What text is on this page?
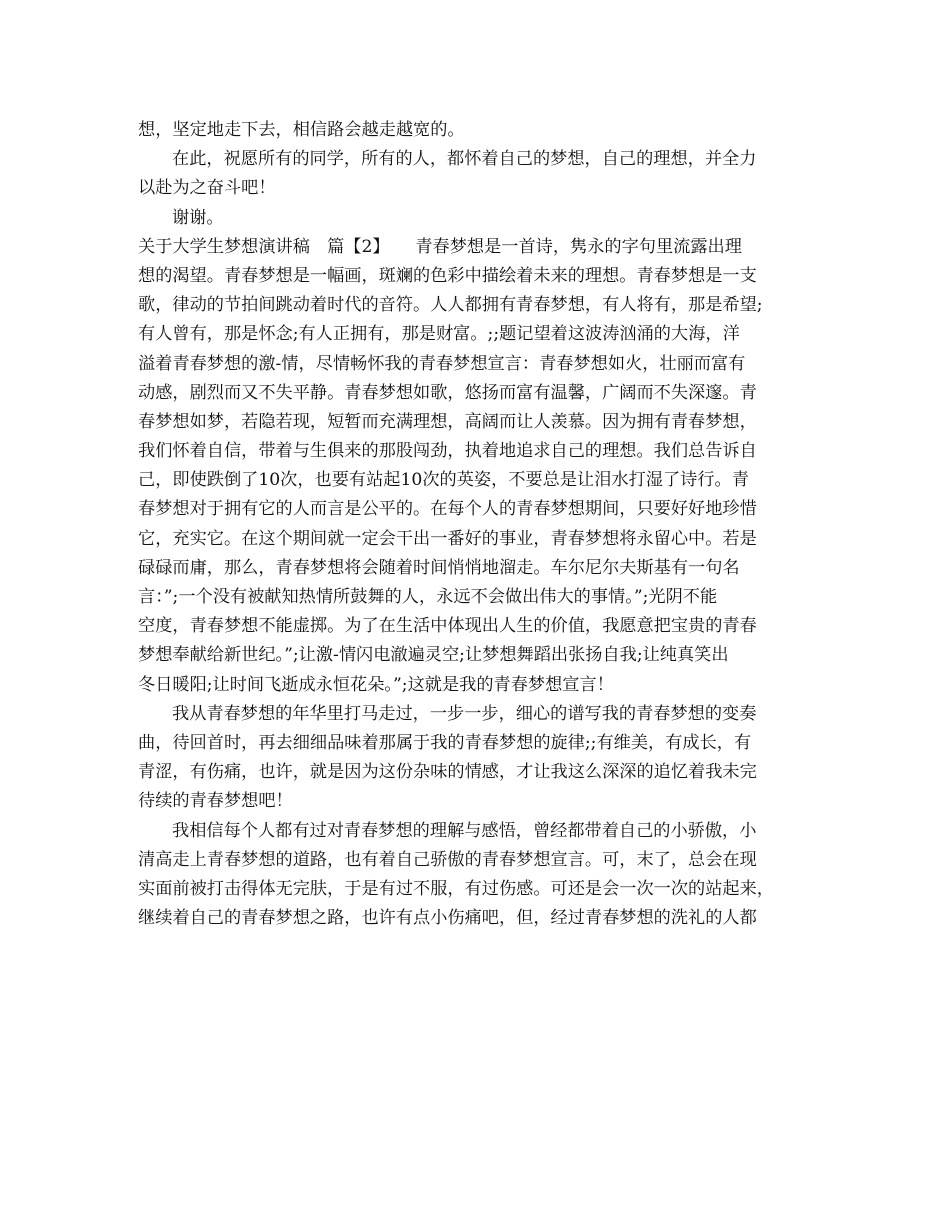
想，坚定地走下去，相信路会越走越宽的。
在此，祝愿所有的同学，所有的人，都怀着自己的梦想，自己的理想，并全力
以赴为之奋斗吧！
谢谢。
关于大学生梦想演讲稿　篇【2】　　青春梦想是一首诗，隽永的字句里流露出理
想的渴望。青春梦想是一幅画，斑斓的色彩中描绘着未来的理想。青春梦想是一支
歌，律动的节拍间跳动着时代的音符。人人都拥有青春梦想，有人将有，那是希望;
有人曾有，那是怀念;有人正拥有，那是财富。;;题记望着这波涛汹涌的大海，洋
溢着青春梦想的激-情，尽情畅怀我的青春梦想宣言：青春梦想如火，壮丽而富有
动感，剧烈而又不失平静。青春梦想如歌，悠扬而富有温馨，广阔而不失深邃。青
春梦想如梦，若隐若现，短暂而充满理想，高阔而让人羡慕。因为拥有青春梦想，
我们怀着自信，带着与生俱来的那股闯劲，执着地追求自己的理想。我们总告诉自
己，即使跌倒了10次，也要有站起10次的英姿，不要总是让泪水打湿了诗行。青
春梦想对于拥有它的人而言是公平的。在每个人的青春梦想期间，只要好好地珍惜
它，充实它。在这个期间就一定会干出一番好的事业，青春梦想将永留心中。若是
碌碌而庸，那么，青春梦想将会随着时间悄悄地溜走。车尔尼尔夫斯基有一句名
言：”;一个没有被献知热情所鼓舞的人，永远不会做出伟大的事情。”;光阴不能
空度，青春梦想不能虚掷。为了在生活中体现出人生的价值，我愿意把宝贵的青春
梦想奉献给新世纪。”;让激-情闪电澈遍灵空;让梦想舞蹈出张扬自我;让纯真笑出
冬日暖阳;让时间飞逝成永恒花朵。”;这就是我的青春梦想宣言！
我从青春梦想的年华里打马走过，一步一步，细心的谱写我的青春梦想的变奏
曲，待回首时，再去细细品味着那属于我的青春梦想的旋律;;有维美，有成长，有
青涩，有伤痛，也许，就是因为这份杂味的情感，才让我这么深深的追忆着我未完
待续的青春梦想吧！
我相信每个人都有过对青春梦想的理解与感悟，曾经都带着自己的小骄傲，小
清高走上青春梦想的道路，也有着自己骄傲的青春梦想宣言。可，末了，总会在现
实面前被打击得体无完肤，于是有过不服，有过伤感。可还是会一次一次的站起来，
继续着自己的青春梦想之路，也许有点小伤痛吧，但，经过青春梦想的洗礼的人都
